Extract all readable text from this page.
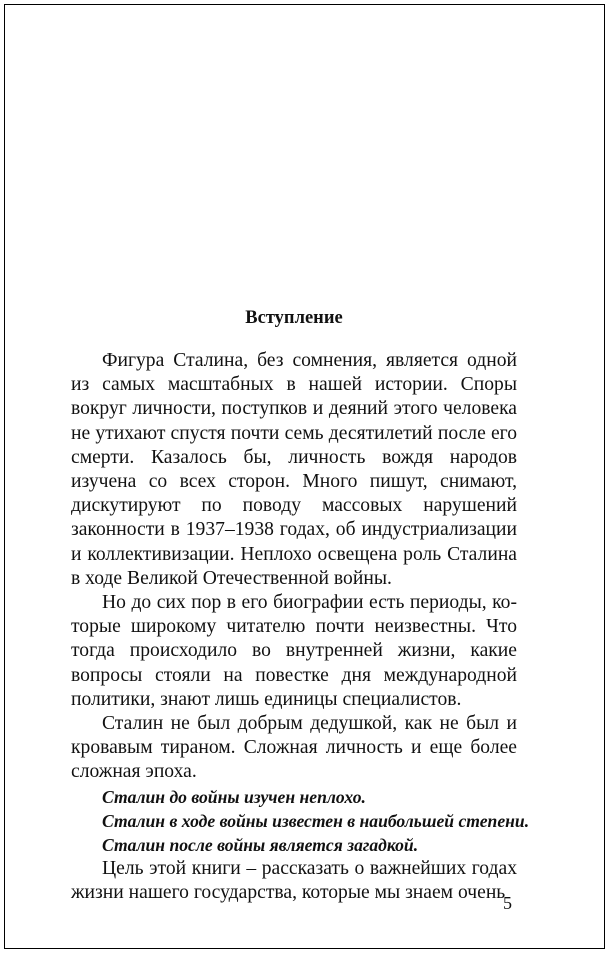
Вступление

Фигура Сталина, без сомнения, является одной из самых масштабных в нашей истории. Споры вокруг личности, поступков и деяний этого человека не утихают спустя почти семь десятилетий после его смерти. Казалось бы, личность вождя народов изучена со всех сторон. Много пишут, снимают, дискутируют по поводу массовых нарушений законности в 1937–1938 годах, об индустриализации и коллективизации. Неплохо освещена роль Сталина в ходе Великой Отечественной войны.

Но до сих пор в его биографии есть периоды, которые широкому читателю почти неизвестны. Что тогда происходило во внутренней жизни, какие вопросы стояли на повестке дня международной политики, знают лишь единицы специалистов.

Сталин не был добрым дедушкой, как не был и кровавым тираном. Сложная личность и еще более сложная эпоха.

Сталин до войны изучен неплохо.

Сталин в ходе войны известен в наибольшей степени.

Сталин после войны является загадкой.

Цель этой книги – рассказать о важнейших годах жизни нашего государства, которые мы знаем очень

5
